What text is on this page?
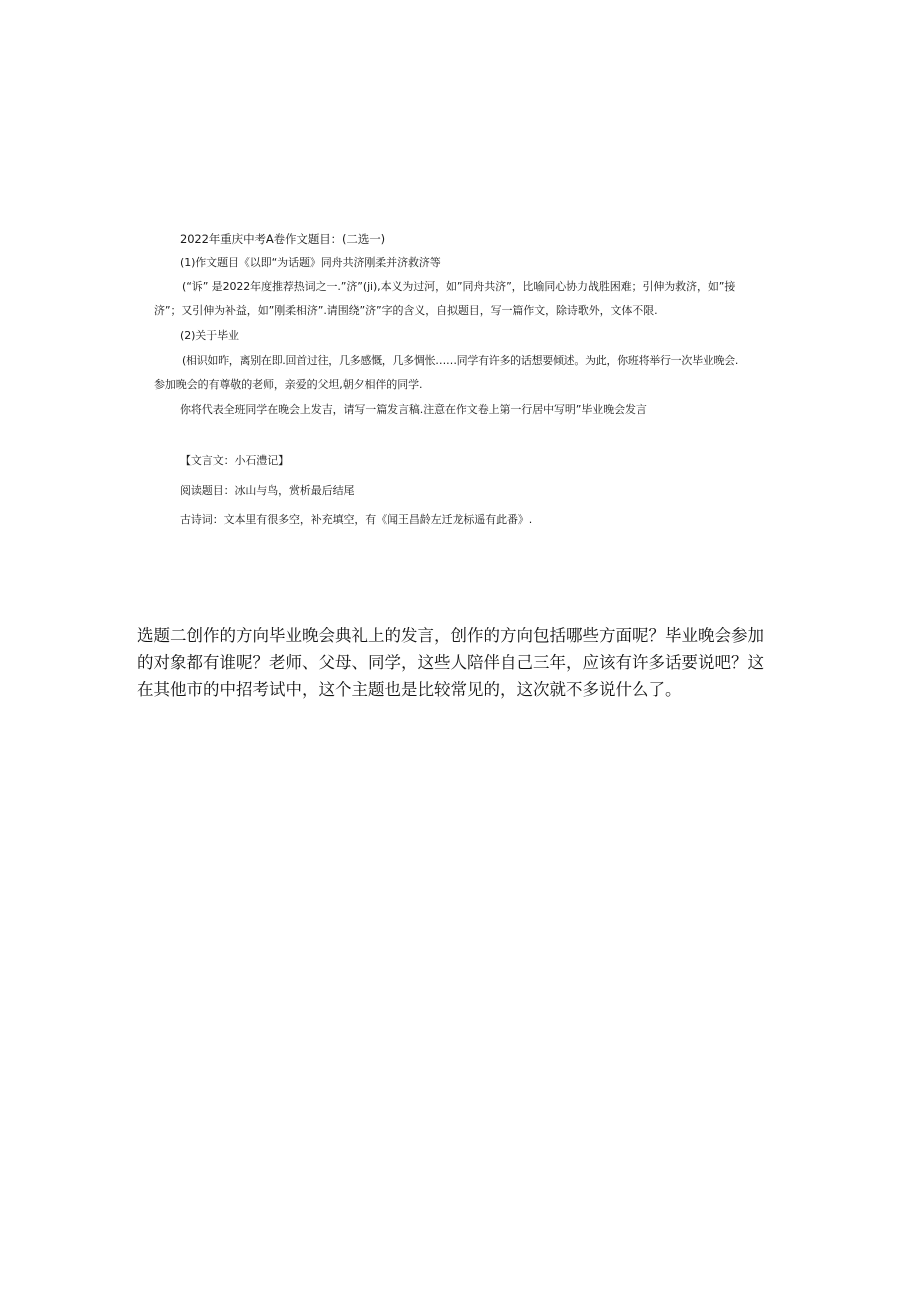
2022年重庆中考A卷作文题目：(二选一)
(1)作文题目《以即“为话题》同舟共济刚柔并济救济等
(“诉” 是2022年度推荐热词之一.”济”(ji),本义为过河，如”同舟共济”，比喻同心协力战胜困难；引伸为救济，如”接
济”；又引伸为补益，如”刚柔相济”.请围绕”济”字的含义，自拟题目，写一篇作文，除诗歌外，文体不限.
(2)关于毕业
(相识如昨，离别在即.回首过往，几多感慨，几多惆怅……同学有许多的话想要倾述。为此，你班将举行一次毕业晚会.
参加晚会的有尊敬的老师，亲爱的父坦,朝夕相伴的同学.
你将代表全班同学在晚会上发吉，请写一篇发言稿.注意在作文卷上第一行居中写明”毕业晚会发言
【文言文：小石澧记】
阅读题目：冰山与鸟，赏析最后结尾
古诗词：文本里有很多空，补充填空，有《闻王昌龄左迁龙标遥有此番》.
选题二创作的方向毕业晚会典礼上的发言，创作的方向包括哪些方面呢？毕业晚会参加
的对象都有谁呢？老师、父母、同学，这些人陪伴自己三年，应该有许多话要说吧？这
在其他市的中招考试中，这个主题也是比较常见的，这次就不多说什么了。
